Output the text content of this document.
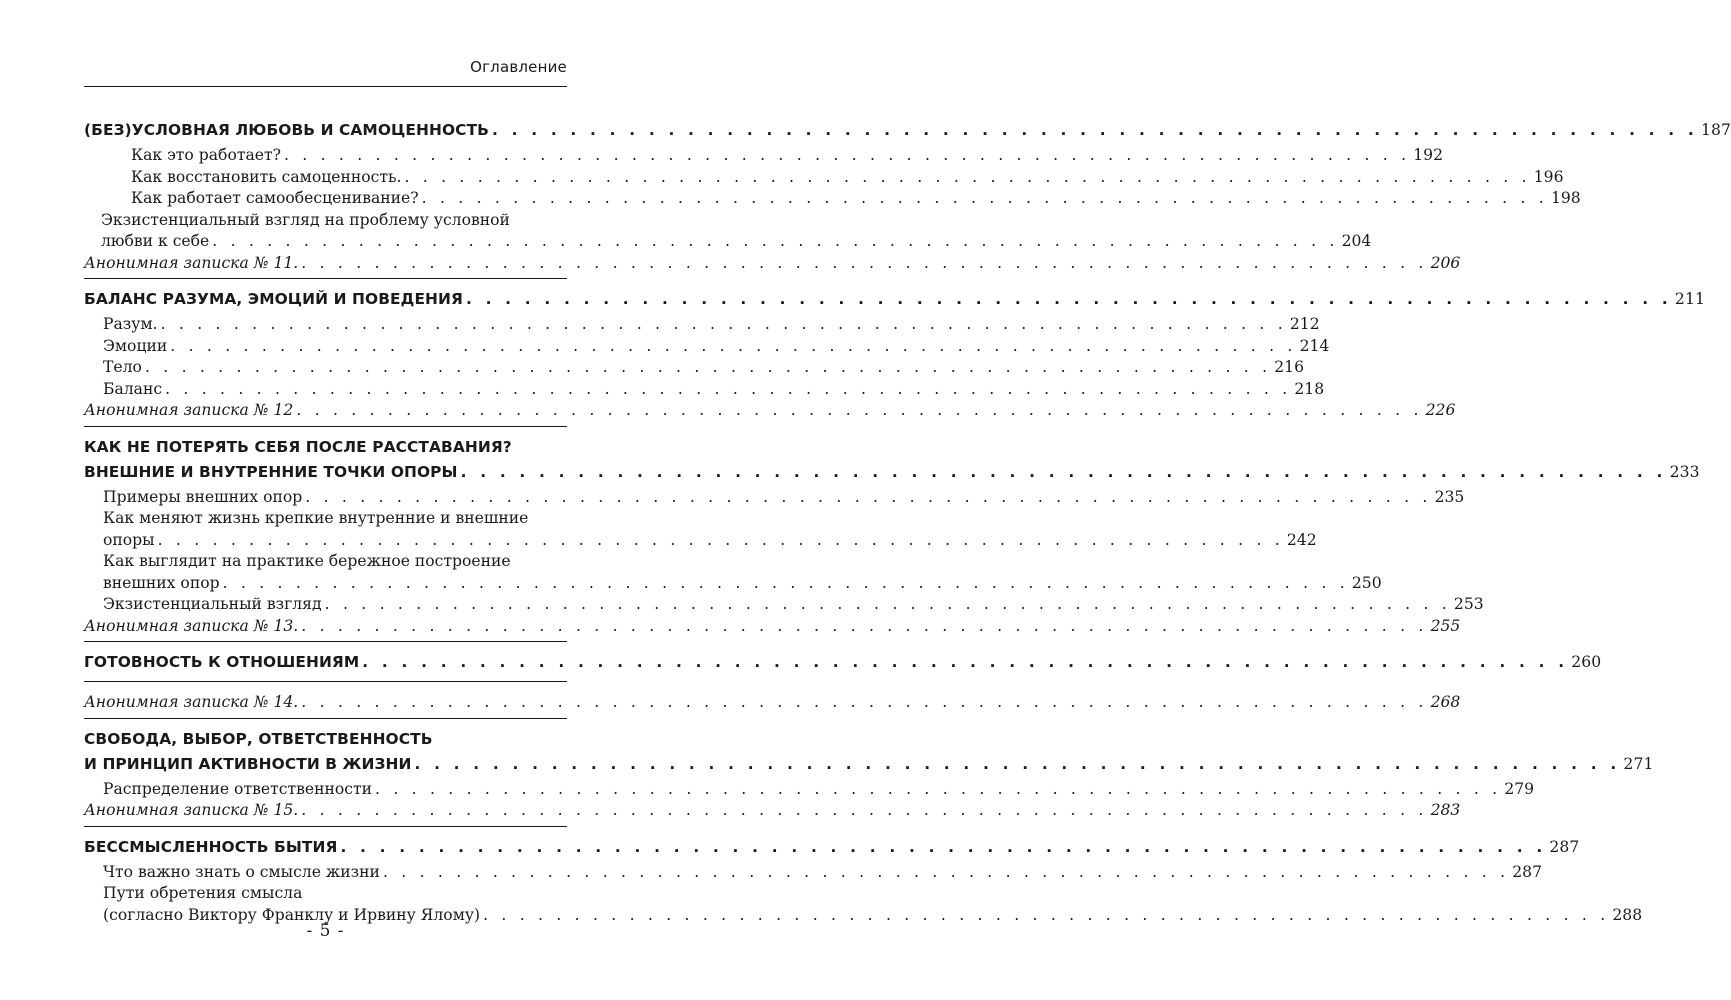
Оглавление
(БЕЗ)УСЛОВНАЯ ЛЮБОВЬ И САМОЦЕННОСТЬ . . . . . . . . . . . . . . . . . . . . . . . . . . . . . . . . . . . . . . . . . . . . . . . . . . . . . . . . . . . . . . 187
Как это работает? . . . . . . . . . . . . . . . . . . . . . . . . . . . . . . . . . . . . . . . . . . . . . . . . . . . . . . . . . . . . . . 192
Как восстановить самоценность. . . . . . . . . . . . . . . . . . . . . . . . . . . . . . . . . . . . . . . . . . . . . . . . . . . . . . . . . . . . . . . 196
Как работает самообесценивание? . . . . . . . . . . . . . . . . . . . . . . . . . . . . . . . . . . . . . . . . . . . . . . . . . . . . . . . . . . . . . . 198
Экзистенциальный взгляд на проблему условной
любви к себе . . . . . . . . . . . . . . . . . . . . . . . . . . . . . . . . . . . . . . . . . . . . . . . . . . . . . . . . . . . . . . 204
Анонимная записка № 11. . . . . . . . . . . . . . . . . . . . . . . . . . . . . . . . . . . . . . . . . . . . . . . . . . . . . . . . . . . . . . . 206
БАЛАНС РАЗУМА, ЭМОЦИЙ И ПОВЕДЕНИЯ . . . . . . . . . . . . . . . . . . . . . . . . . . . . . . . . . . . . . . . . . . . . . . . . . . . . . . . . . . . . . . 211
Разум. . . . . . . . . . . . . . . . . . . . . . . . . . . . . . . . . . . . . . . . . . . . . . . . . . . . . . . . . . . . . . . 212
Эмоции . . . . . . . . . . . . . . . . . . . . . . . . . . . . . . . . . . . . . . . . . . . . . . . . . . . . . . . . . . . . . . 214
Тело . . . . . . . . . . . . . . . . . . . . . . . . . . . . . . . . . . . . . . . . . . . . . . . . . . . . . . . . . . . . . . 216
Баланс . . . . . . . . . . . . . . . . . . . . . . . . . . . . . . . . . . . . . . . . . . . . . . . . . . . . . . . . . . . . . . 218
Анонимная записка № 12 . . . . . . . . . . . . . . . . . . . . . . . . . . . . . . . . . . . . . . . . . . . . . . . . . . . . . . . . . . . . . . 226
КАК НЕ ПОТЕРЯТЬ СЕБЯ ПОСЛЕ РАССТАВАНИЯ?
ВНЕШНИЕ И ВНУТРЕННИЕ ТОЧКИ ОПОРЫ . . . . . . . . . . . . . . . . . . . . . . . . . . . . . . . . . . . . . . . . . . . . . . . . . . . . . . . . . . . . . . 233
Примеры внешних опор . . . . . . . . . . . . . . . . . . . . . . . . . . . . . . . . . . . . . . . . . . . . . . . . . . . . . . . . . . . . . . 235
Как меняют жизнь крепкие внутренние и внешние
опоры . . . . . . . . . . . . . . . . . . . . . . . . . . . . . . . . . . . . . . . . . . . . . . . . . . . . . . . . . . . . . . 242
Как выглядит на практике бережное построение
внешних опор . . . . . . . . . . . . . . . . . . . . . . . . . . . . . . . . . . . . . . . . . . . . . . . . . . . . . . . . . . . . . . 250
Экзистенциальный взгляд . . . . . . . . . . . . . . . . . . . . . . . . . . . . . . . . . . . . . . . . . . . . . . . . . . . . . . . . . . . . . . 253
Анонимная записка № 13. . . . . . . . . . . . . . . . . . . . . . . . . . . . . . . . . . . . . . . . . . . . . . . . . . . . . . . . . . . . . . . 255
ГОТОВНОСТЬ К ОТНОШЕНИЯМ . . . . . . . . . . . . . . . . . . . . . . . . . . . . . . . . . . . . . . . . . . . . . . . . . . . . . . . . . . . . . . 260
Анонимная записка № 14. . . . . . . . . . . . . . . . . . . . . . . . . . . . . . . . . . . . . . . . . . . . . . . . . . . . . . . . . . . . . . . 268
СВОБОДА, ВЫБОР, ОТВЕТСТВЕННОСТЬ
И ПРИНЦИП АКТИВНОСТИ В ЖИЗНИ . . . . . . . . . . . . . . . . . . . . . . . . . . . . . . . . . . . . . . . . . . . . . . . . . . . . . . . . . . . . . . 271
Распределение ответственности . . . . . . . . . . . . . . . . . . . . . . . . . . . . . . . . . . . . . . . . . . . . . . . . . . . . . . . . . . . . . . 279
Анонимная записка № 15. . . . . . . . . . . . . . . . . . . . . . . . . . . . . . . . . . . . . . . . . . . . . . . . . . . . . . . . . . . . . . . 283
БЕССМЫСЛЕННОСТЬ БЫТИЯ . . . . . . . . . . . . . . . . . . . . . . . . . . . . . . . . . . . . . . . . . . . . . . . . . . . . . . . . . . . . . . 287
Что важно знать о смысле жизни . . . . . . . . . . . . . . . . . . . . . . . . . . . . . . . . . . . . . . . . . . . . . . . . . . . . . . . . . . . . . . 287
Пути обретения смысла
(согласно Виктору Франклу и Ирвину Ялому) . . . . . . . . . . . . . . . . . . . . . . . . . . . . . . . . . . . . . . . . . . . . . . . . . . . . . . . . . . . . . . 288
- 5 -
